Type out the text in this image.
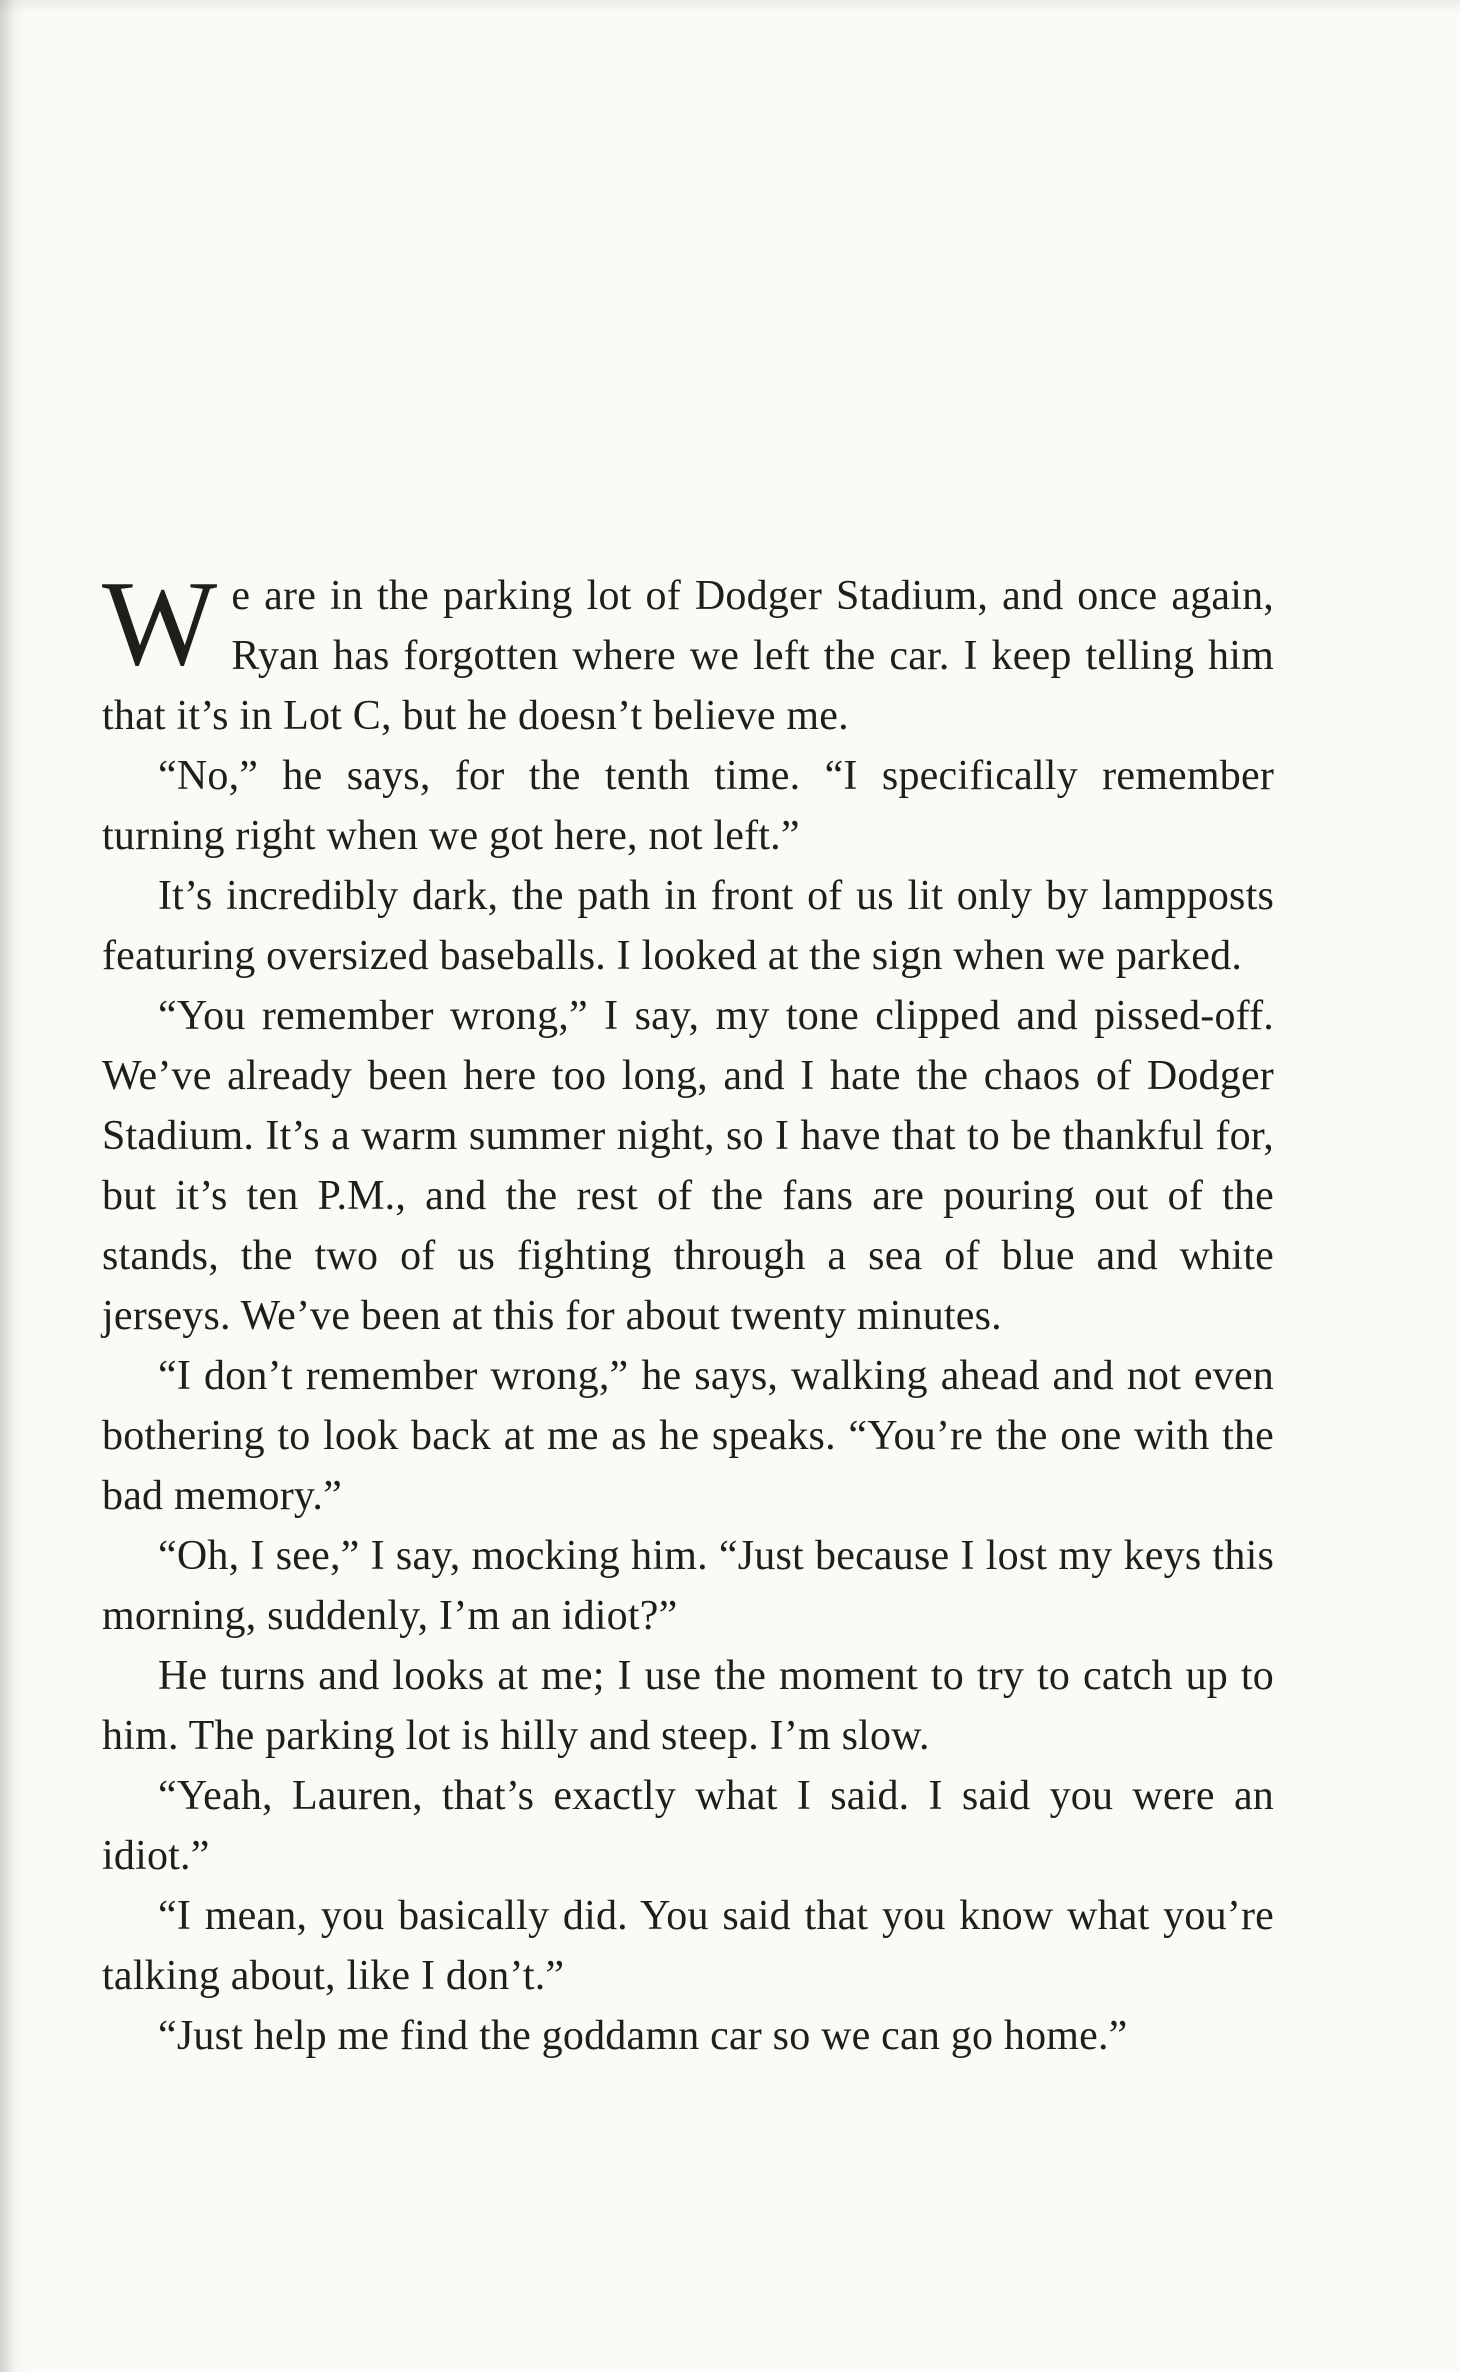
We are in the parking lot of Dodger Stadium, and once again, Ryan has forgotten where we left the car. I keep telling him that it’s in Lot C, but he doesn’t believe me.

“No,” he says, for the tenth time. “I specifically remember turning right when we got here, not left.”

It’s incredibly dark, the path in front of us lit only by lampposts featuring oversized baseballs. I looked at the sign when we parked.

“You remember wrong,” I say, my tone clipped and pissed-off. We’ve already been here too long, and I hate the chaos of Dodger Stadium. It’s a warm summer night, so I have that to be thankful for, but it’s ten P.M., and the rest of the fans are pouring out of the stands, the two of us fighting through a sea of blue and white jerseys. We’ve been at this for about twenty minutes.

“I don’t remember wrong,” he says, walking ahead and not even bothering to look back at me as he speaks. “You’re the one with the bad memory.”

“Oh, I see,” I say, mocking him. “Just because I lost my keys this morning, suddenly, I’m an idiot?”

He turns and looks at me; I use the moment to try to catch up to him. The parking lot is hilly and steep. I’m slow.

“Yeah, Lauren, that’s exactly what I said. I said you were an idiot.”

“I mean, you basically did. You said that you know what you’re talking about, like I don’t.”

“Just help me find the goddamn car so we can go home.”
